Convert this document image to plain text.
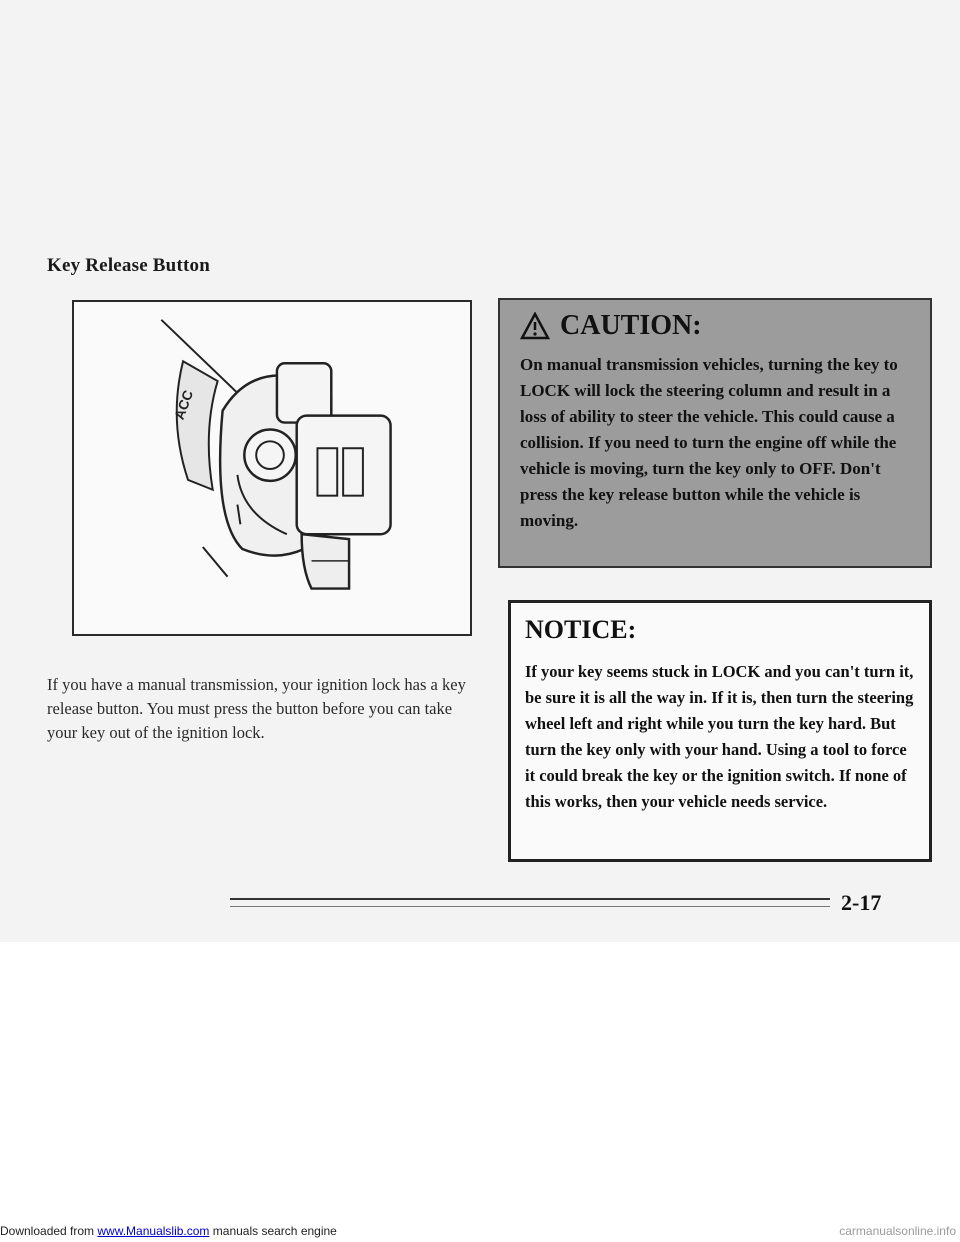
Key Release Button
ACC
If you have a manual transmission, your ignition lock has a key release button. You must press the button before you can take your key out of the ignition lock.
CAUTION:
On manual transmission vehicles, turning the key to LOCK will lock the steering column and result in a loss of ability to steer the vehicle. This could cause a collision. If you need to turn the engine off while the vehicle is moving, turn the key only to OFF. Don't press the key release button while the vehicle is moving.
NOTICE:
If your key seems stuck in LOCK and you can't turn it, be sure it is all the way in. If it is, then turn the steering wheel left and right while you turn the key hard. But turn the key only with your hand. Using a tool to force it could break the key or the ignition switch. If none of this works, then your vehicle needs service.
2-17
Downloaded from www.Manualslib.com manuals search engine	carmanualsonline.info
